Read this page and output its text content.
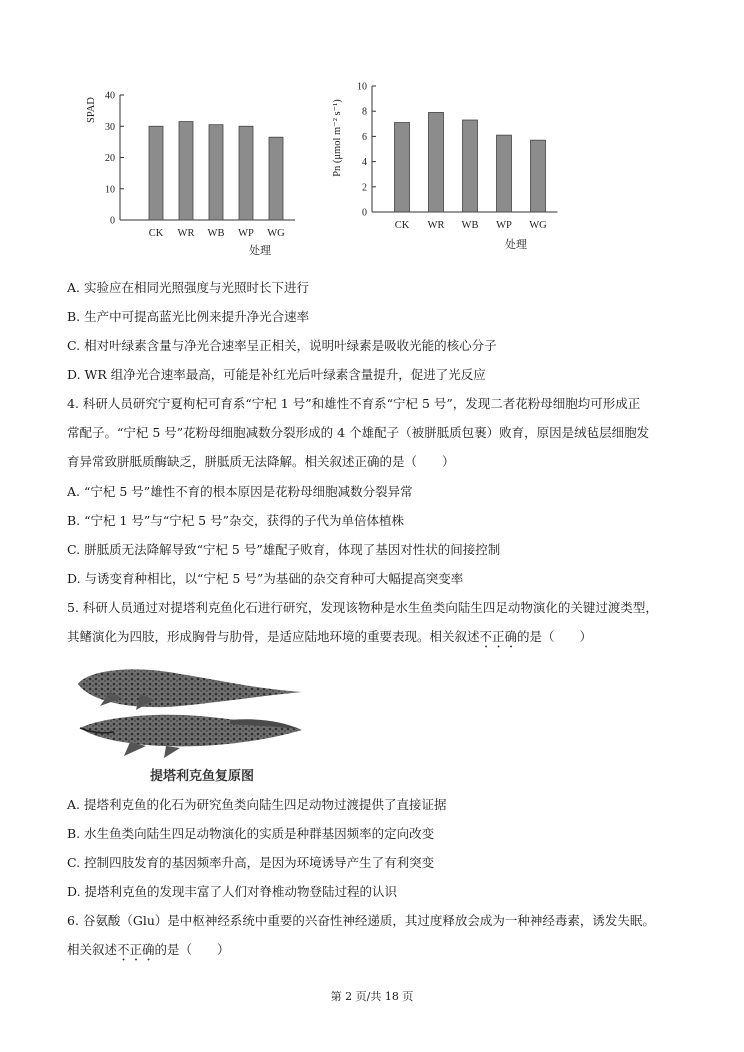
0
10
20
30
40
CK WR WB WP WG
SPAD
处理
0
2
4
6
8
10
CK WR WB WP WG
Pn (μmol m⁻² s⁻¹)
处理
A. 实验应在相同光照强度与光照时长下进行
B. 生产中可提高蓝光比例来提升净光合速率
C. 相对叶绿素含量与净光合速率呈正相关，说明叶绿素是吸收光能的核心分子
D. WR 组净光合速率最高，可能是补红光后叶绿素含量提升，促进了光反应
4. 科研人员研究宁夏枸杞可育系“宁杞 1 号”和雄性不育系“宁杞 5 号”，发现二者花粉母细胞均可形成正
常配子。“宁杞 5 号”花粉母细胞减数分裂形成的 4 个雄配子（被胼胝质包裹）败育，原因是绒毡层细胞发
育异常致胼胝质酶缺乏，胼胝质无法降解。相关叙述正确的是（　　）
A. “宁杞 5 号”雄性不育的根本原因是花粉母细胞减数分裂异常
B. “宁杞 1 号”与“宁杞 5 号”杂交，获得的子代为单倍体植株
C. 胼胝质无法降解导致“宁杞 5 号”雄配子败育，体现了基因对性状的间接控制
D. 与诱变育种相比，以“宁杞 5 号”为基础的杂交育种可大幅提高突变率
5. 科研人员通过对提塔利克鱼化石进行研究，发现该物种是水生鱼类向陆生四足动物演化的关键过渡类型，
其鳍演化为四肢，形成胸骨与肋骨，是适应陆地环境的重要表现。相关叙述不正确的是（　　）
提塔利克鱼复原图
A. 提塔利克鱼的化石为研究鱼类向陆生四足动物过渡提供了直接证据
B. 水生鱼类向陆生四足动物演化的实质是种群基因频率的定向改变
C. 控制四肢发育的基因频率升高，是因为环境诱导产生了有利突变
D. 提塔利克鱼的发现丰富了人们对脊椎动物登陆过程的认识
6. 谷氨酸（Glu）是中枢神经系统中重要的兴奋性神经递质，其过度释放会成为一种神经毒素，诱发失眠。
相关叙述不正确的是（　　）
第 2 页/共 18 页
